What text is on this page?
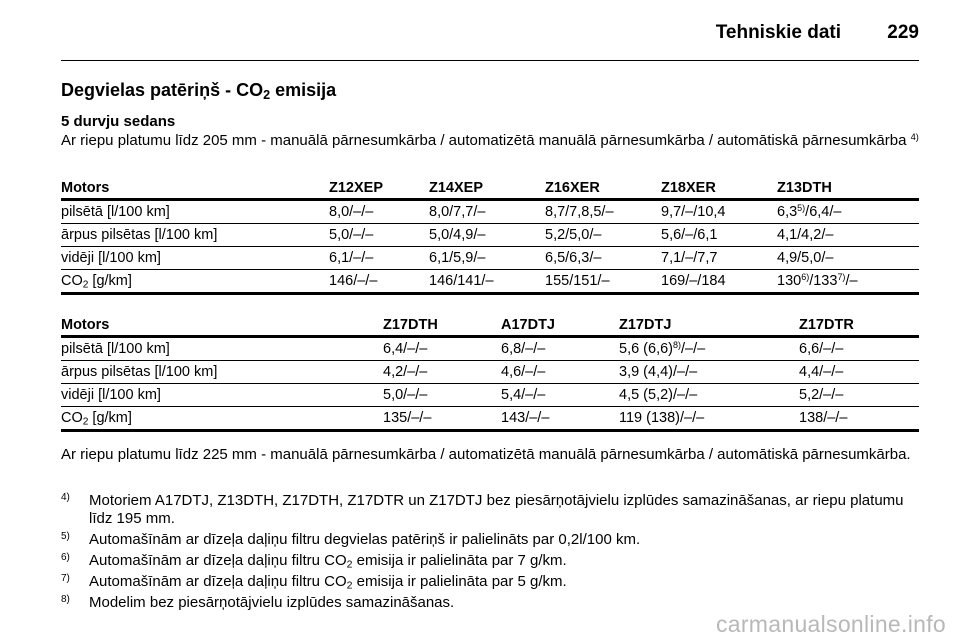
Tehniskie dati 229
Degvielas patēriņš - $CO_2$ emisija
5 durvju sedans
Ar riepu platumu līdz 205 mm - manuālā pārnesumkārba / automatizētā manuālā pārnesumkārba / automātiskā pārnesumkārba $^{4)}$
Motors	Z12XEP	Z14XEP	Z16XER	Z18XER	Z13DTH
pilsētā [l/100 km]	8,0/–/–	8,0/7,7/–	8,7/7,8,5/–	9,7/–/10,4	6,3$^{5)}$/6,4/–
ārpus pilsētas [l/100 km]	5,0/–/–	5,0/4,9/–	5,2/5,0/–	5,6/–/6,1	4,1/4,2/–
vidēji [l/100 km]	6,1/–/–	6,1/5,9/–	6,5/6,3/–	7,1/–/7,7	4,9/5,0/–
$CO_2$ [g/km]	146/–/–	146/141/–	155/151/–	169/–/184	130$^{6)}$/133$^{7)}$/–
Motors	Z17DTH	A17DTJ	Z17DTJ	Z17DTR
pilsētā [l/100 km]	6,4/–/–	6,8/–/–	5,6 $(6,6)^{8)}/-/-$	6,6/–/–
ārpus pilsētas [l/100 km]	4,2/–/–	4,6/–/–	3,9 (4,4)/–/–	4,4/–/–
vidēji [l/100 km]	5,0/–/–	5,4/–/–	4,5 (5,2)/–/–	5,2/–/–
$CO_2$ [g/km]	135/–/–	143/–/–	119 (138)/–/–	138/–/–
Ar riepu platumu līdz 225 mm - manuālā pārnesumkārba / automatizētā manuālā pārnesumkārba / automātiskā pārnesumkārba.
4) Motoriem A17DTJ, Z13DTH, Z17DTH, Z17DTR un Z17DTJ bez piesārņotājvielu izplūdes samazināšanas, ar riepu platumu līdz 195 mm.
5) Automašīnām ar dīzeļa daļiņu filtru degvielas patēriņš ir palielināts par 0,2l/100 km.
6) Automašīnām ar dīzeļa daļiņu filtru $CO_2$ emisija ir palielināta par 7 g/km.
7) Automašīnām ar dīzeļa daļiņu filtru $CO_2$ emisija ir palielināta par 5 g/km.
8) Modelim bez piesārņotājvielu izplūdes samazināšanas.
carmanualsonline.info
